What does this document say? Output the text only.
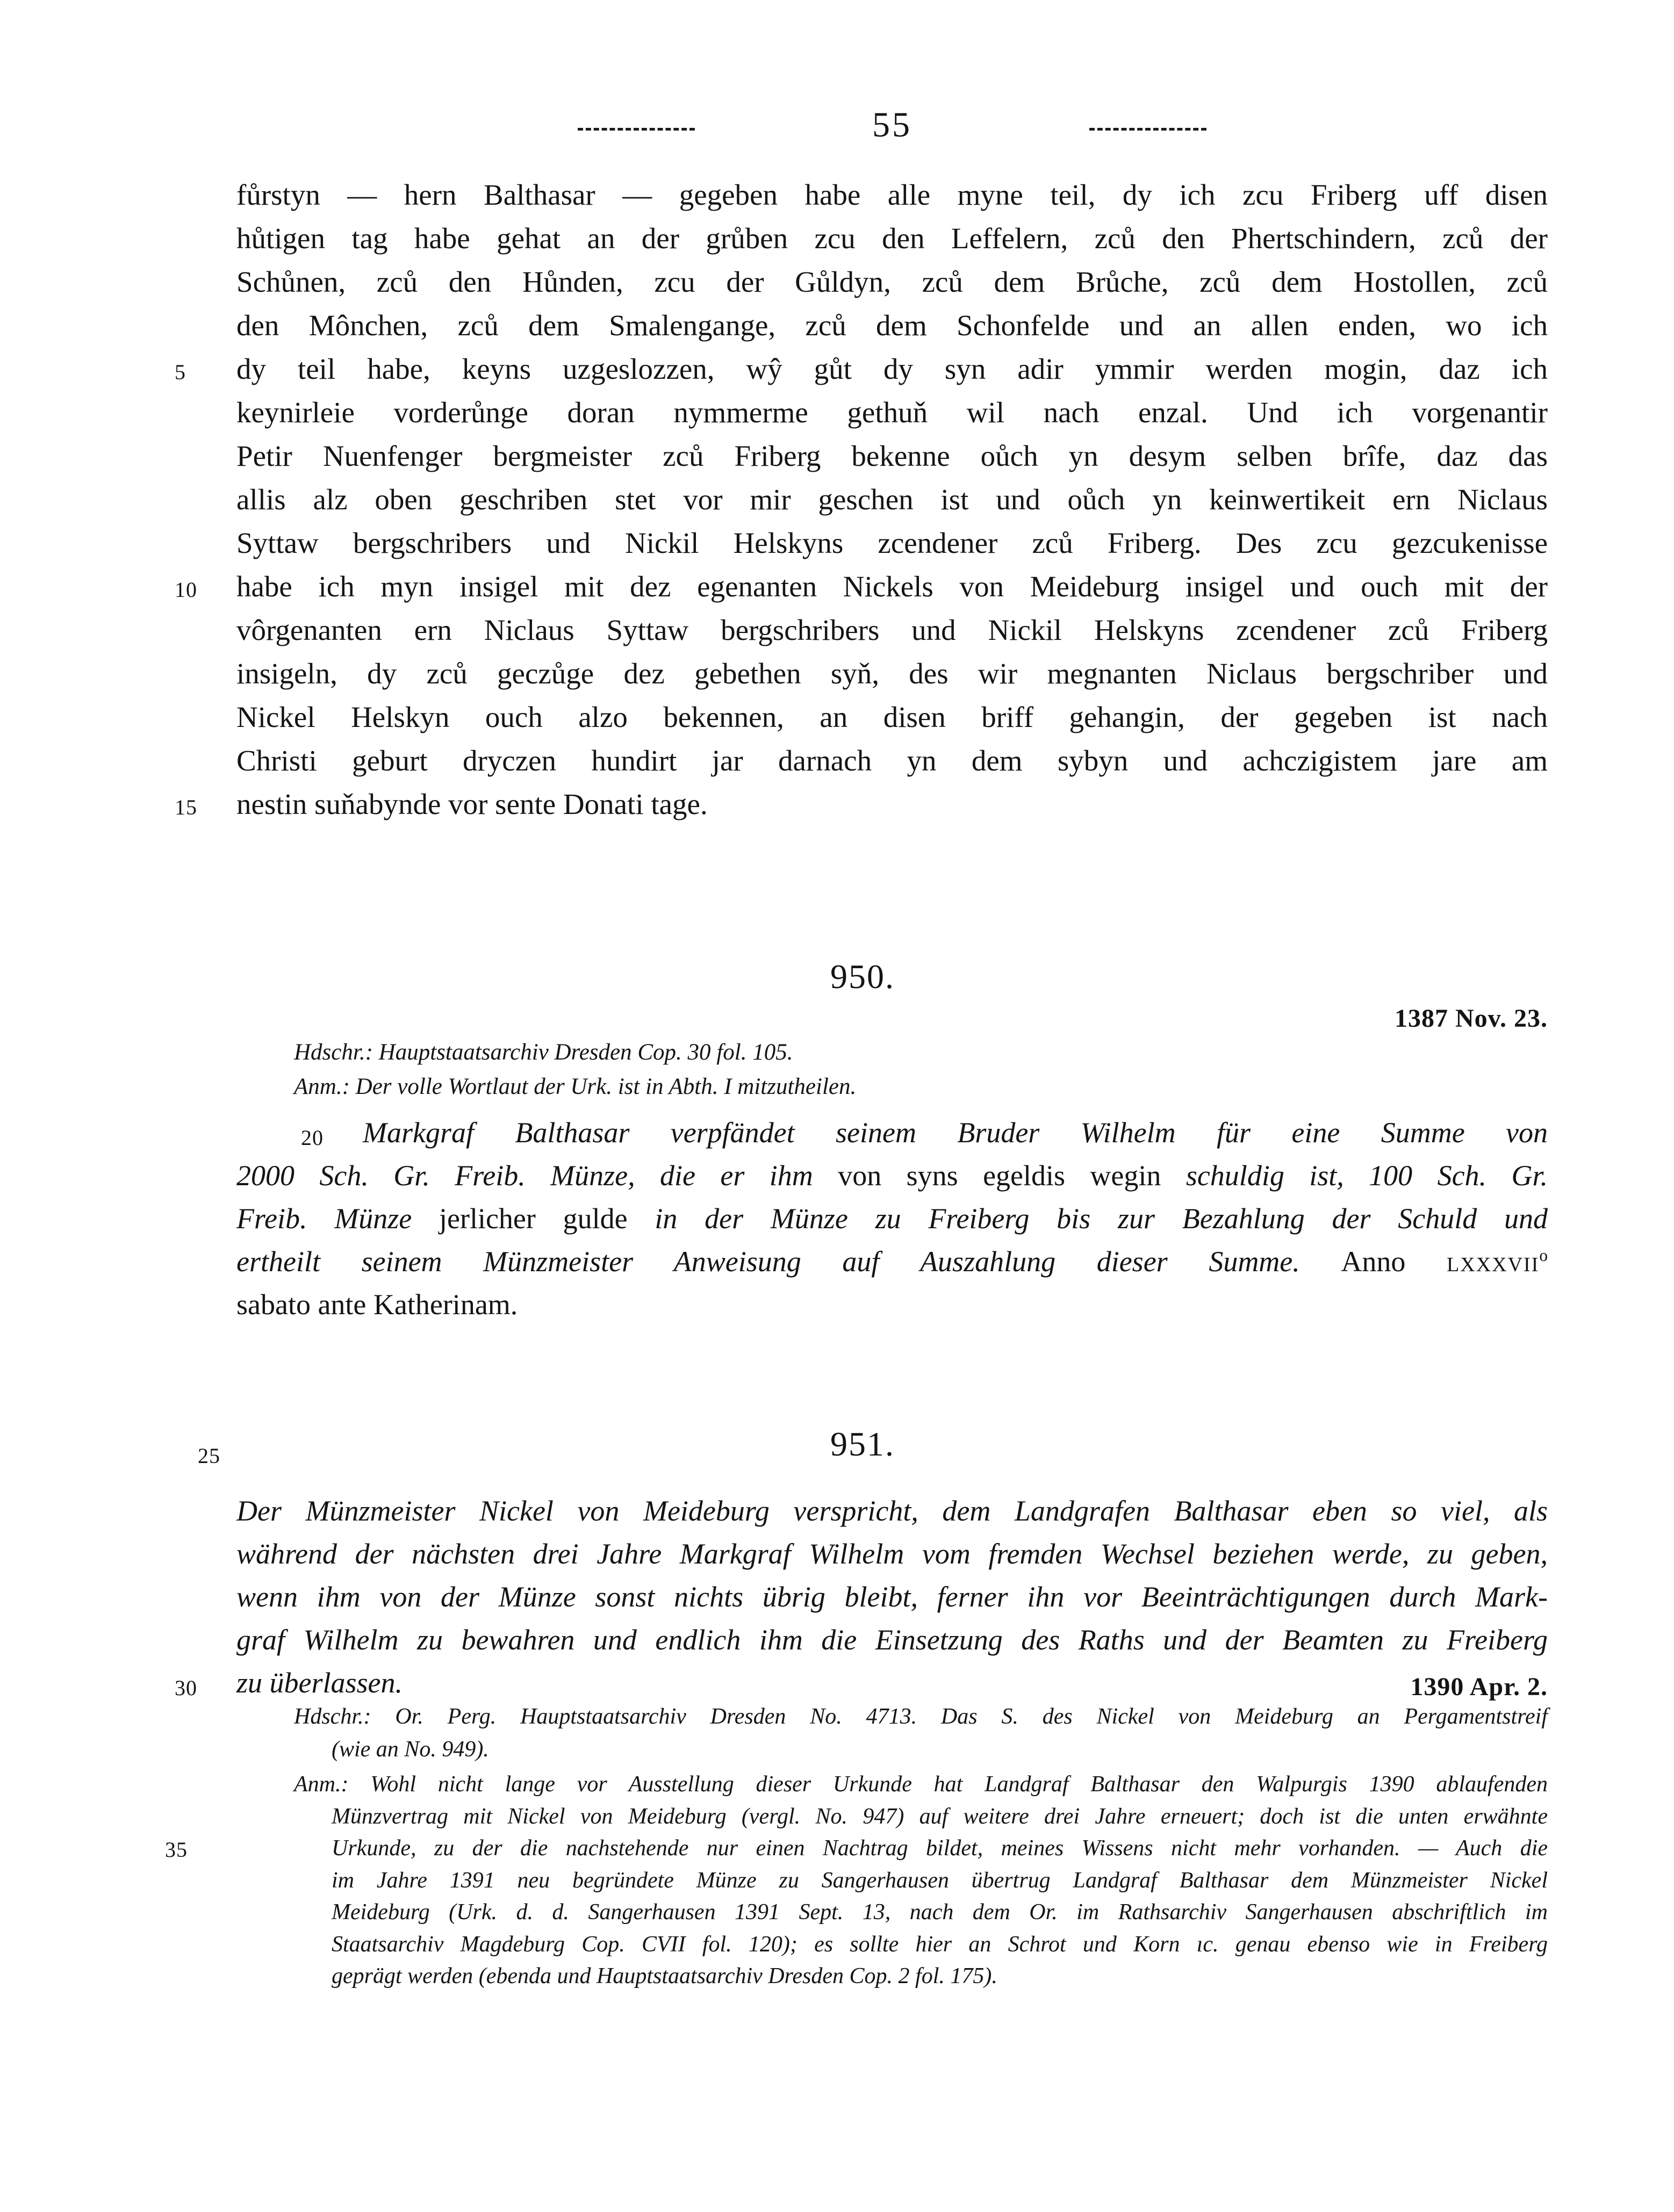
55
fůrstyn — hern Balthasar — gegeben habe alle myne teil, dy ich zcu Friberg uff disen
hůtigen tag habe gehat an der grůben zcu den Leffelern, zců den Phertschindern, zců der
Schůnen, zců den Hůnden, zcu der Gůldyn, zců dem Brůche, zců dem Hostollen, zců
den Mônchen, zců dem Smalengange, zců dem Schonfelde und an allen enden, wo ich
5	dy teil habe, keyns uzgeslozzen, wŷ gůt dy syn adir ymmir werden mogin, daz ich
keynirleie vorderůnge doran nymmerme gethuň wil nach enzal. Und ich vorgenantir
Petir Nuenfenger bergmeister zců Friberg bekenne oůch yn desym selben brîfe, daz das
allis alz oben geschriben stet vor mir geschen ist und oůch yn keinwertikeit ern Niclaus
Syttaw bergschribers und Nickil Helskyns zcendener zců Friberg. Des zcu gezcukenisse
10	habe ich myn insigel mit dez egenanten Nickels von Meideburg insigel und ouch mit der
vôrgenanten ern Niclaus Syttaw bergschribers und Nickil Helskyns zcendener zců Friberg
insigeln, dy zců geczůge dez gebethen syň, des wir megnanten Niclaus bergschriber und
Nickel Helskyn ouch alzo bekennen, an disen briff gehangin, der gegeben ist nach
Christi geburt dryczen hundirt jar darnach yn dem sybyn und achczigistem jare am
15	nestin suňabynde vor sente Donati tage.
950.
1387 Nov. 23.
Hdschr.: Hauptstaatsarchiv Dresden Cop. 30 fol. 105.
Anm.: Der volle Wortlaut der Urk. ist in Abth. I mitzutheilen.
20 Markgraf Balthasar verpfändet seinem Bruder Wilhelm für eine Summe von
2000 Sch. Gr. Freib. Münze, die er ihm von syns egeldis wegin schuldig ist, 100 Sch. Gr.
Freib. Münze jerlicher gulde in der Münze zu Freiberg bis zur Bezahlung der Schuld und
ertheilt seinem Münzmeister Anweisung auf Auszahlung dieser Summe. Anno lxxxvii$^o$
sabato ante Katherinam.
25	951.
Der Münzmeister Nickel von Meideburg verspricht, dem Landgrafen Balthasar eben so viel, als
während der nächsten drei Jahre Markgraf Wilhelm vom fremden Wechsel beziehen werde, zu geben,
wenn ihm von der Münze sonst nichts übrig bleibt, ferner ihn vor Beeinträchtigungen durch Mark-
graf Wilhelm zu bewahren und endlich ihm die Einsetzung des Raths und der Beamten zu Freiberg
30	zu überlassen.	1390 Apr. 2.
Hdschr.: Or. Perg. Hauptstaatsarchiv Dresden No. 4713. Das S. des Nickel von Meideburg an Pergamentstreif
(wie an No. 949).
Anm.: Wohl nicht lange vor Ausstellung dieser Urkunde hat Landgraf Balthasar den Walpurgis 1390 ablaufenden
Münzvertrag mit Nickel von Meideburg (vergl. No. 947) auf weitere drei Jahre erneuert; doch ist die unten erwähnte
35	Urkunde, zu der die nachstehende nur einen Nachtrag bildet, meines Wissens nicht mehr vorhanden. — Auch die
im Jahre 1391 neu begründete Münze zu Sangerhausen übertrug Landgraf Balthasar dem Münzmeister Nickel
Meideburg (Urk. d. d. Sangerhausen 1391 Sept. 13, nach dem Or. im Rathsarchiv Sangerhausen abschriftlich im
Staatsarchiv Magdeburg Cop. CVII fol. 120); es sollte hier an Schrot und Korn ıc. genau ebenso wie in Freiberg
geprägt werden (ebenda und Hauptstaatsarchiv Dresden Cop. 2 fol. 175).
